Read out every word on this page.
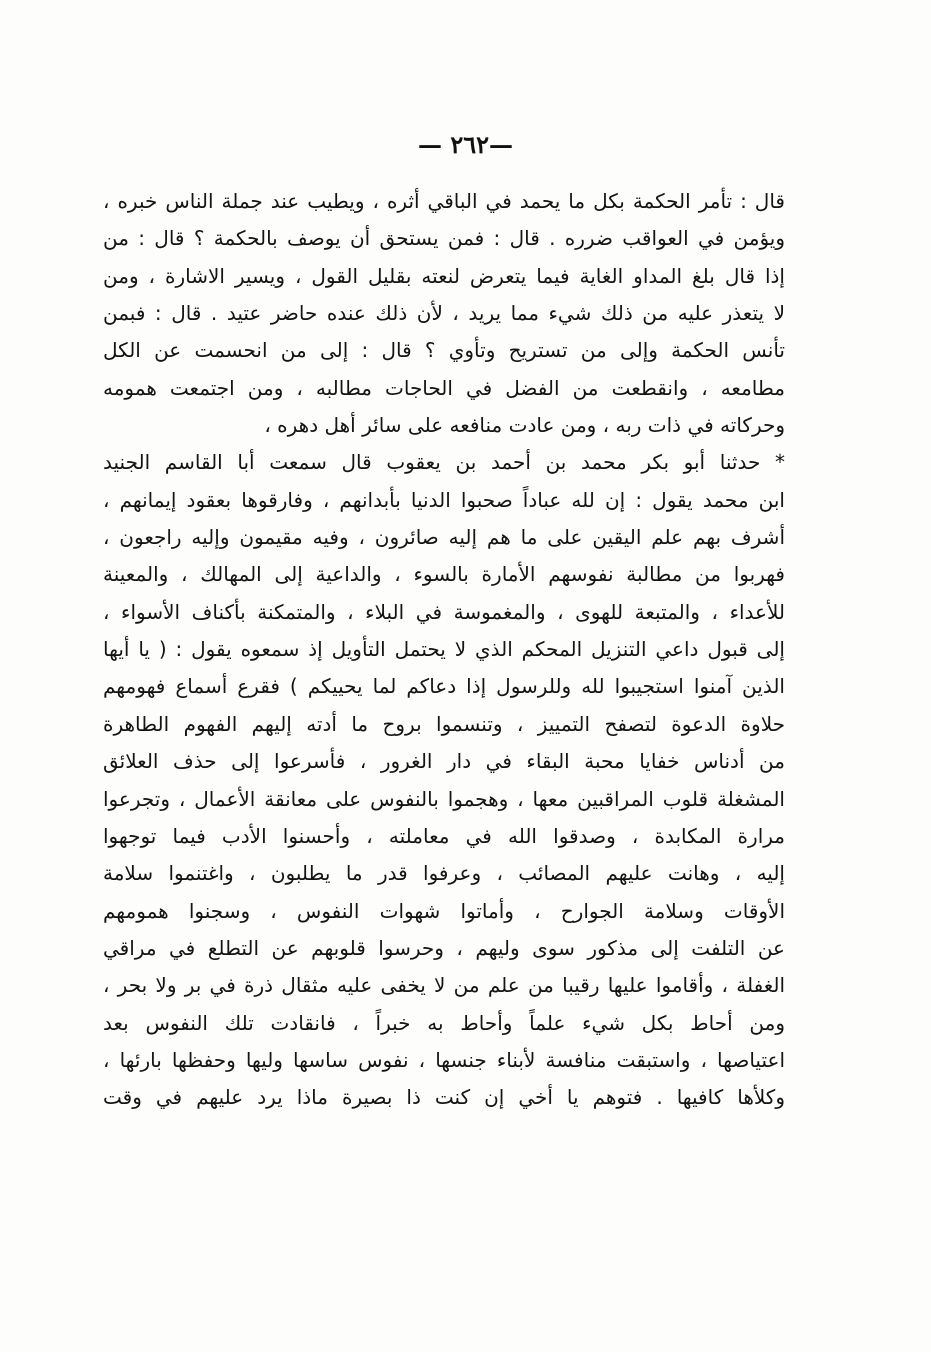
—٢٦٢ —
قال : تأمر الحكمة بكل ما يحمد في الباقي أثره ، ويطيب عند جملة الناس خبره ،
ويؤمن في العواقب ضرره . قال : فمن يستحق أن يوصف بالحكمة ؟ قال : من
إذا قال بلغ المداو الغاية فيما يتعرض لنعته بقليل القول ، ويسير الاشارة ، ومن
لا يتعذر عليه من ذلك شيء مما يريد ، لأن ذلك عنده حاضر عتيد . قال : فبمن
تأنس الحكمة وإلى من تستريح وتأوي ؟ قال : إلى من انحسمت عن الكل
مطامعه ، وانقطعت من الفضل في الحاجات مطالبه ، ومن اجتمعت همومه
وحركاته في ذات ربه ، ومن عادت منافعه على سائر أهل دهره ،
* حدثنا أبو بكر محمد بن أحمد بن يعقوب قال سمعت أبا القاسم الجنيد
ابن محمد يقول : إن لله عباداً صحبوا الدنيا بأبدانهم ، وفارقوها بعقود إيمانهم ،
أشرف بهم علم اليقين على ما هم إليه صائرون ، وفيه مقيمون وإليه راجعون ،
فهربوا من مطالبة نفوسهم الأمارة بالسوء ، والداعية إلى المهالك ، والمعينة
للأعداء ، والمتبعة للهوى ، والمغموسة في البلاء ، والمتمكنة بأكناف الأسواء ،
إلى قبول داعي التنزيل المحكم الذي لا يحتمل التأويل إذ سمعوه يقول : ( يا أيها
الذين آمنوا استجيبوا لله وللرسول إذا دعاكم لما يحييكم ) فقرع أسماع فهومهم
حلاوة الدعوة لتصفح التمييز ، وتنسموا بروح ما أدته إليهم الفهوم الطاهرة
من أدناس خفايا محبة البقاء في دار الغرور ، فأسرعوا إلى حذف العلائق
المشغلة قلوب المراقبين معها ، وهجموا بالنفوس على معانقة الأعمال ، وتجرعوا
مرارة المكابدة ، وصدقوا الله في معاملته ، وأحسنوا الأدب فيما توجهوا
إليه ، وهانت عليهم المصائب ، وعرفوا قدر ما يطلبون ، واغتنموا سلامة
الأوقات وسلامة الجوارح ، وأماتوا شهوات النفوس ، وسجنوا همومهم
عن التلفت إلى مذكور سوى وليهم ، وحرسوا قلوبهم عن التطلع في مراقي
الغفلة ، وأقاموا عليها رقيبا من علم من لا يخفى عليه مثقال ذرة في بر ولا بحر ،
ومن أحاط بكل شيء علماً وأحاط به خبراً ، فانقادت تلك النفوس بعد
اعتياصها ، واستبقت منافسة لأبناء جنسها ، نفوس ساسها وليها وحفظها بارئها ،
وكلأها كافيها . فتوهم يا أخي إن كنت ذا بصيرة ماذا يرد عليهم في وقت
